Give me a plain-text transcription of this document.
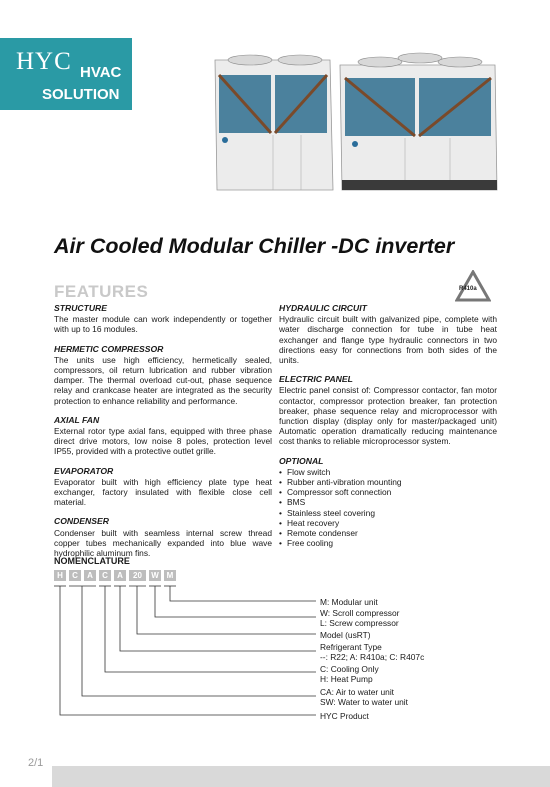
HYC HVAC
SOLUTION
Air Cooled Modular Chiller -DC inverter
FEATURES	R410a
STRUCTURE

The master module can work independently or together with up to 16 modules.

HERMETIC COMPRESSOR

The units use high efficiency, hermetically sealed, compressors, oil return lubrication and rubber vibration damper. The thermal overload cut-out, phase sequence relay and crankcase heater are integrated as the security protection to enhance reliability and performance.

AXIAL FAN

External rotor type axial fans, equipped with three phase direct drive motors, low noise 8 poles, protection level IP55, provided with a protective outlet grille.

EVAPORATOR

Evaporator built with high efficiency plate type heat exchanger, factory insulated with flexible close cell material.

CONDENSER

Condenser built with seamless internal screw thread copper tubes mechanically expanded into blue wave hydrophilic aluminum fins.

HYDRAULIC CIRCUIT

Hydraulic circuit built with galvanized pipe, complete with water discharge connection for tube in tube heat exchanger and flange type hydraulic connectors in two directions easy for connections from both sides of the units.

ELECTRIC PANEL

Electric panel consist of: Compressor contactor, fan motor contactor, compressor protection breaker, fan protection breaker, phase sequence relay and microprocessor with function display (display only for master/packaged unit) Automatic operation dramatically reducing maintenance cost thanks to reliable microprocessor system.

OPTIONAL
• Flow switch
• Rubber anti-vibration mounting
• Compressor soft connection
• BMS
• Stainless steel covering
• Heat recovery
• Remote condenser
• Free cooling
NOMENCLATURE
H	C	A	C	A	20	W M
M: Modular unit
W: Scroll compressor
L: Screw compressor
Model (usRT)
Refrigerant Type
--: R22; A: R410a; C: R407c
C: Cooling Only
H: Heat Pump
CA: Air to water unit
SW: Water to water unit
HYC Product
2/1
